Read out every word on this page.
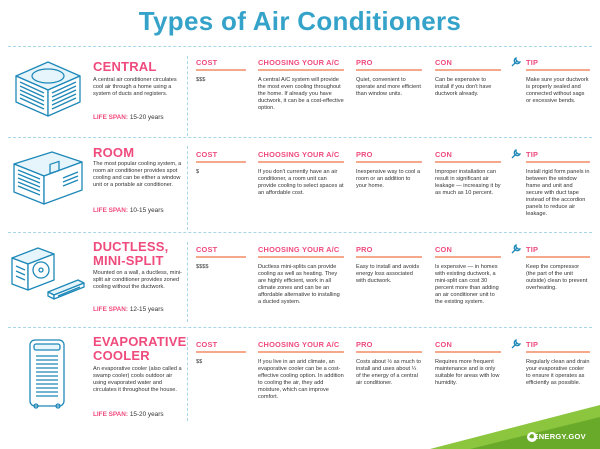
Types of Air Conditioners
CENTRAL
A central air conditioner circulates cool air through a home using a system of ducts and registers.
LIFE SPAN: 15-20 years
COST
$$$
CHOOSING YOUR A/C
A central A/C system will provide the most even cooling throughout the home. If already you have ductwork, it can be a cost-effective option.
PRO
Quiet, convenient to operate and more efficient than window units.
CON
Can be expensive to install if you don't have ductwork already.
TIP
Make sure your ductwork is properly sealed and connected without sags or excessive bends.
ROOM
The most popular cooling system, a room air conditioner provides spot cooling and can be either a window unit or a portable air conditioner.
LIFE SPAN: 10-15 years
COST
$
CHOOSING YOUR A/C
If you don't currently have an air conditioner, a room unit can provide cooling to select spaces at an affordable cost.
PRO
Inexpensive way to cool a room or an addition to your home.
CON
Improper installation can result in significant air leakage — increasing it by as much as 10 percent.
TIP
Install rigid form panels in between the window frame and unit and secure with duct tape instead of the accordion panels to reduce air leakage.
DUCTLESS,
MINI-SPLIT
Mounted on a wall, a ductless, mini-split air conditioner provides zoned cooling without the ductwork.
LIFE SPAN: 12-15 years
COST
$$$$
CHOOSING YOUR A/C
Ductless mini-splits can provide cooling as well as heating. They are highly efficient, work in all climate zones and can be an affordable alternative to installing a ducted system.
PRO
Easy to install and avoids energy loss associated with ductwork.
CON
Is expensive — in homes with existing ductwork, a mini-split can cost 30 percent more than adding an air conditioner unit to the existing system.
TIP
Keep the compressor (the part of the unit outside) clean to prevent overheating.
EVAPORATIVE
COOLER
An evaporative cooler (also called a swamp cooler) cools outdoor air using evaporated water and circulates it throughout the house.
LIFE SPAN: 15-20 years
COST
$$
CHOOSING YOUR A/C
If you live in an arid climate, an evaporative cooler can be a cost-effective cooling option. In addition to cooling the air, they add moisture, which can improve comfort.
PRO
Costs about ½ as much to install and uses about ¼ of the energy of a central air conditioner.
CON
Requires more frequent maintenance and is only suitable for areas with low humidity.
TIP
Regularly clean and drain your evaporative cooler to ensure it operates as efficiently as possible.
ENERGY.GOV
